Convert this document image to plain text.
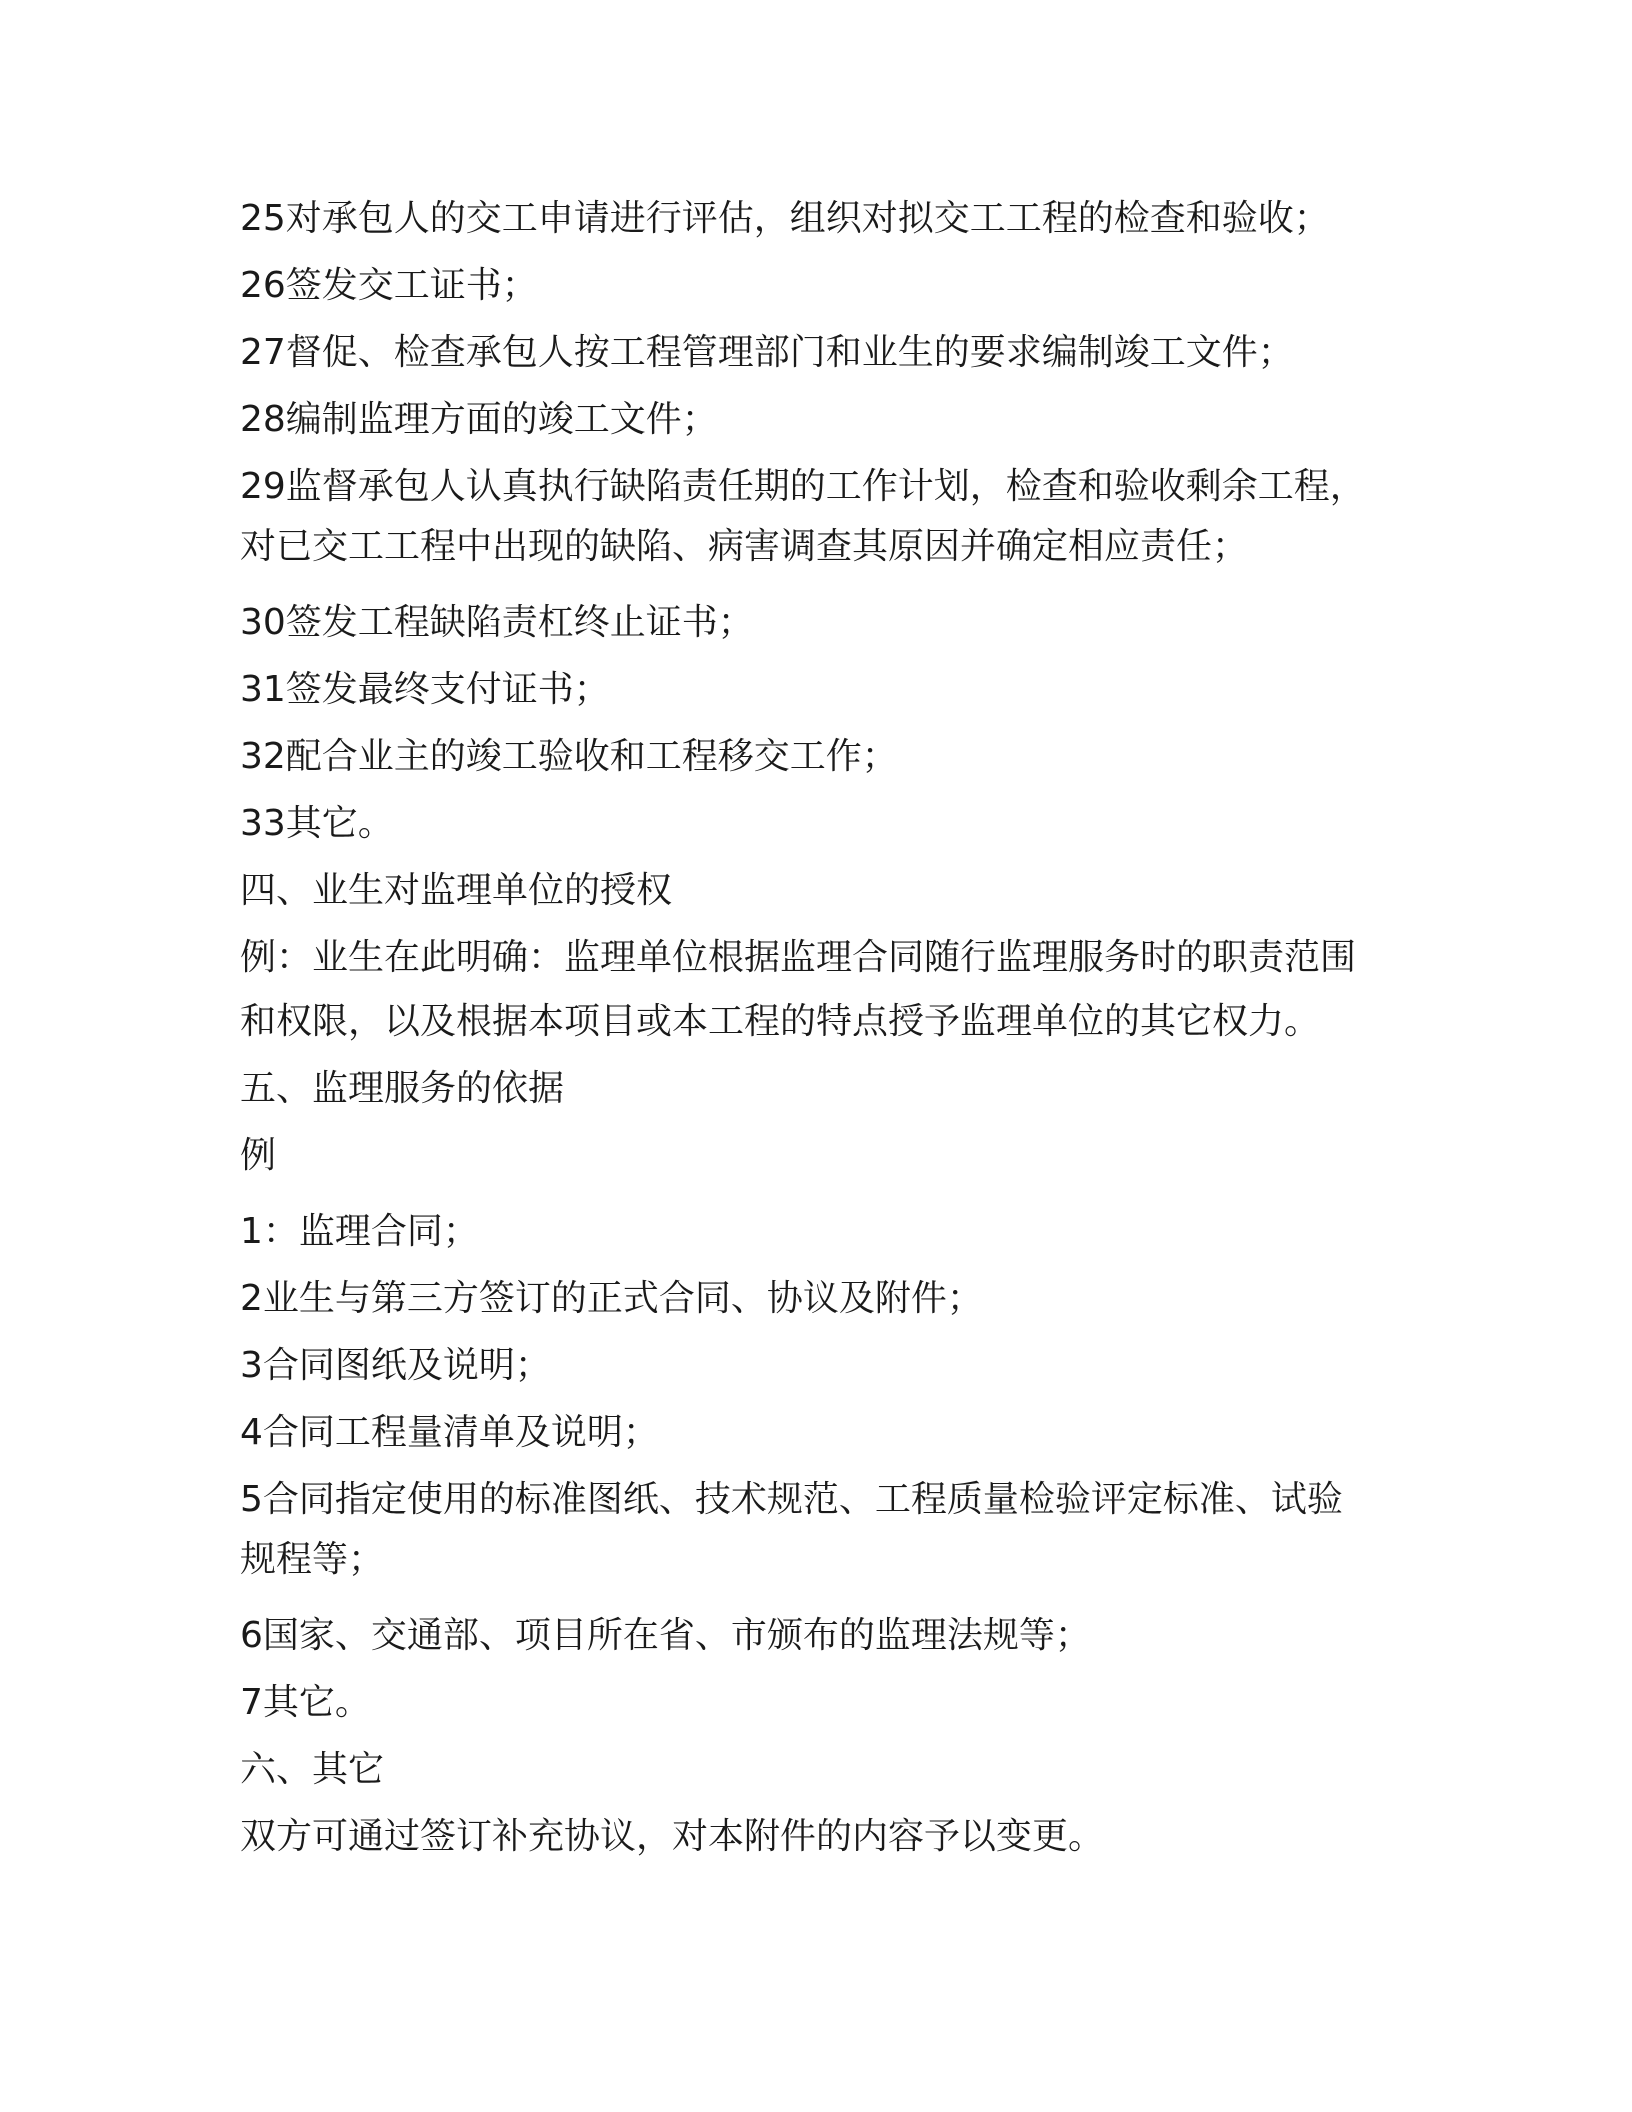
25对承包人的交工申请进行评估，组织对拟交工工程的检查和验收；

26签发交工证书；

27督促、检查承包人按工程管理部门和业生的要求编制竣工文件；

28编制监理方面的竣工文件；

29监督承包人认真执行缺陷责任期的工作计划，检查和验收剩余工程，

对已交工工程中出现的缺陷、病害调查其原因并确定相应责任；

30签发工程缺陷责杠终止证书；

31签发最终支付证书；

32配合业主的竣工验收和工程移交工作；

33其它。

四、业生对监理单位的授权

例：业生在此明确：监理单位根据监理合同随行监理服务时的职责范围

和权限，以及根据本项目或本工程的特点授予监理单位的其它权力。

五、监理服务的依据

例

1：监理合同；

2业生与第三方签订的正式合同、协议及附件；

3合同图纸及说明；

4合同工程量清单及说明；

5合同指定使用的标准图纸、技术规范、工程质量检验评定标准、试验

规程等；

6国家、交通部、项目所在省、市颁布的监理法规等；

7其它。

六、其它

双方可通过签订补充协议，对本附件的内容予以变更。
